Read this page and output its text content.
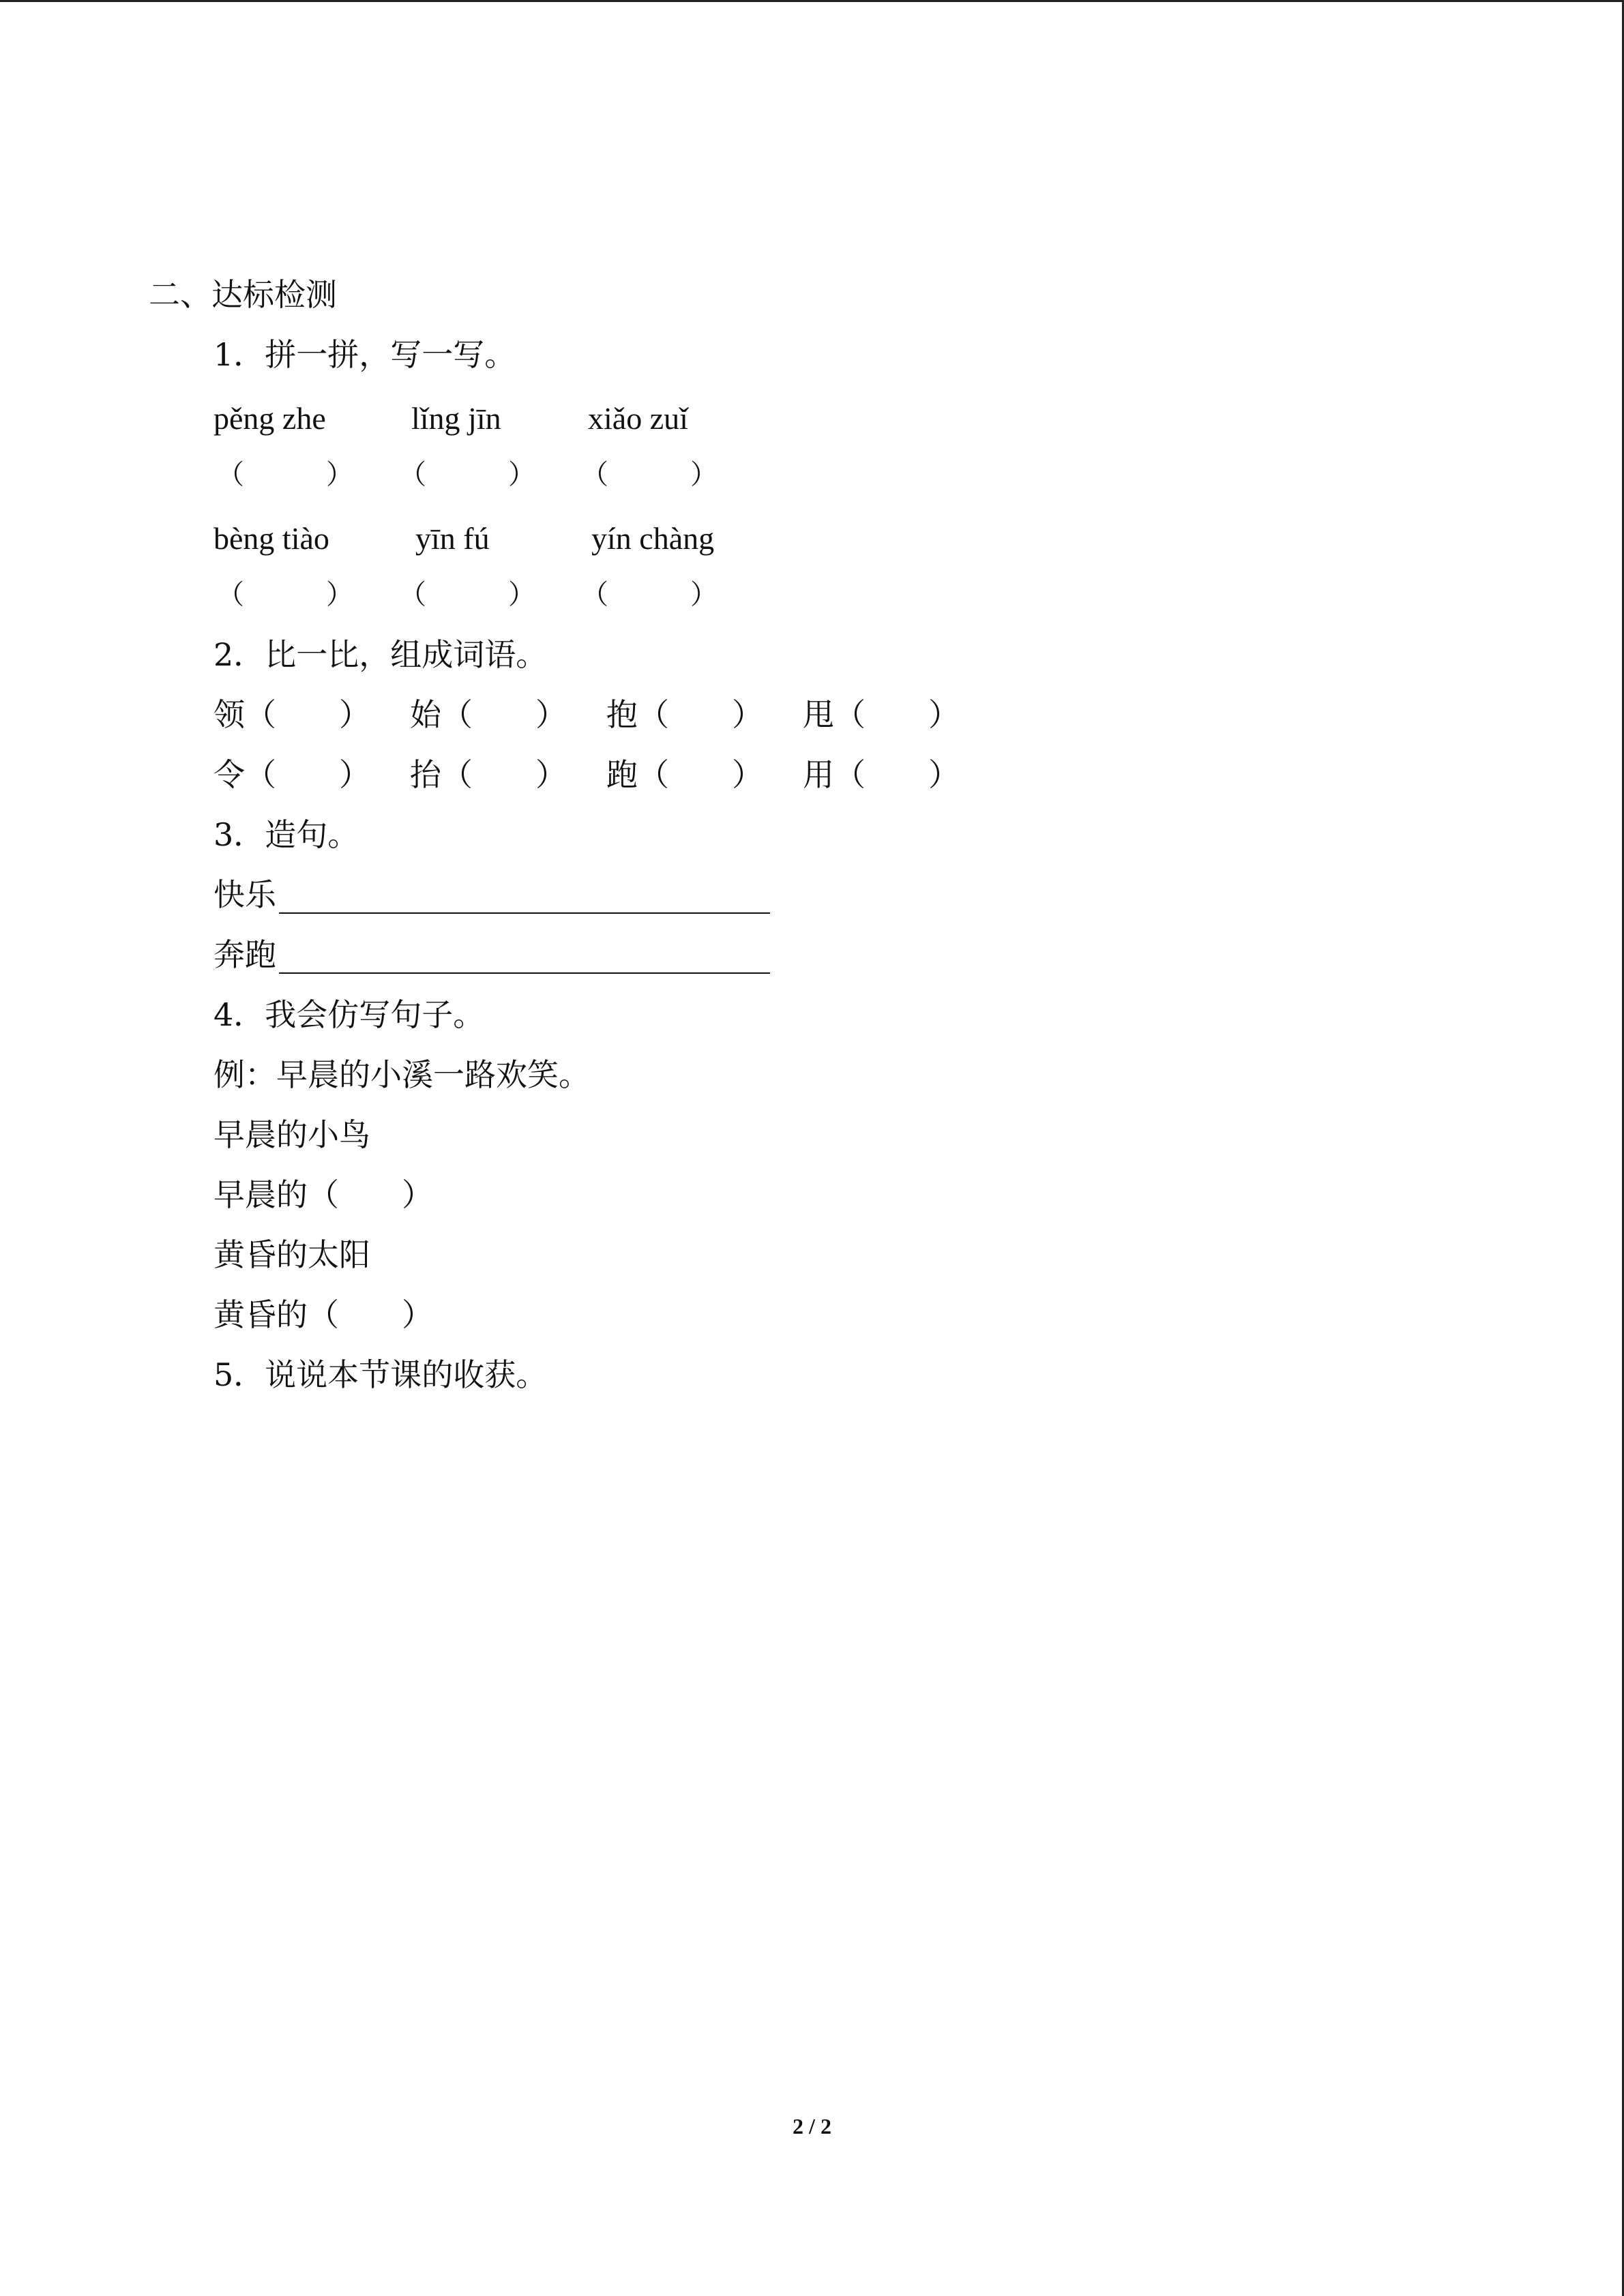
二、达标检测
1．拼一拼，写一写。
pěng zhe	lǐng jīn	xiǎo zuǐ
（　　　） （　　　） （　　　）
bèng tiào	yīn fú	yín chàng
（　　　） （　　　） （　　　）
2．比一比，组成词语。
领（　　） 始（　　） 抱（　　） 甩（　　）
令（　　） 抬（　　） 跑（　　） 用（　　）
3．造句。
快乐
奔跑
4．我会仿写句子。
例：早晨的小溪一路欢笑。
早晨的小鸟
早晨的（　　）
黄昏的太阳
黄昏的（　　）
5．说说本节课的收获。
2 / 2
